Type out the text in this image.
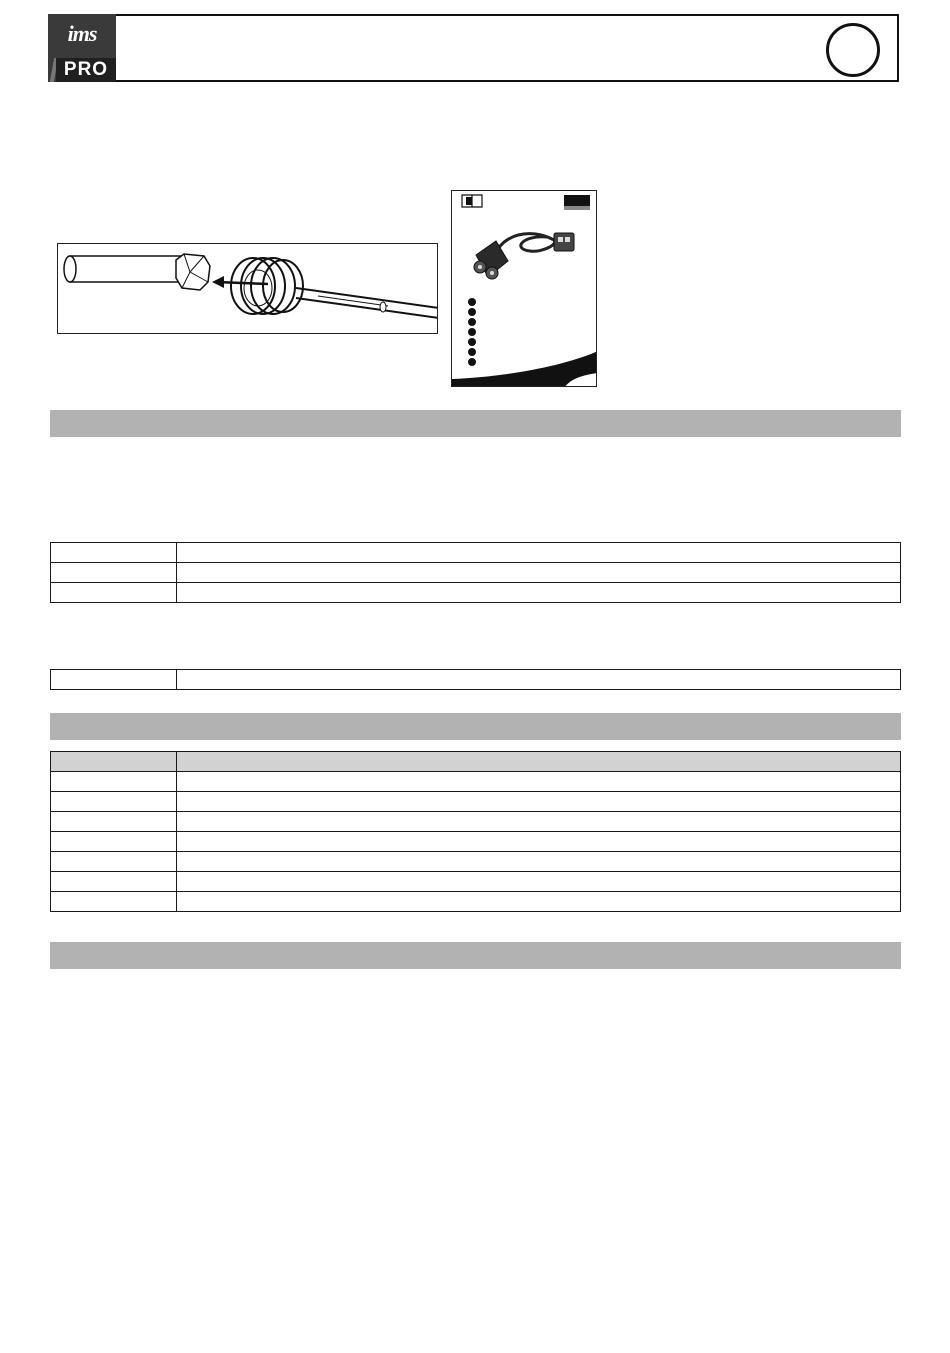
ims
PRO
